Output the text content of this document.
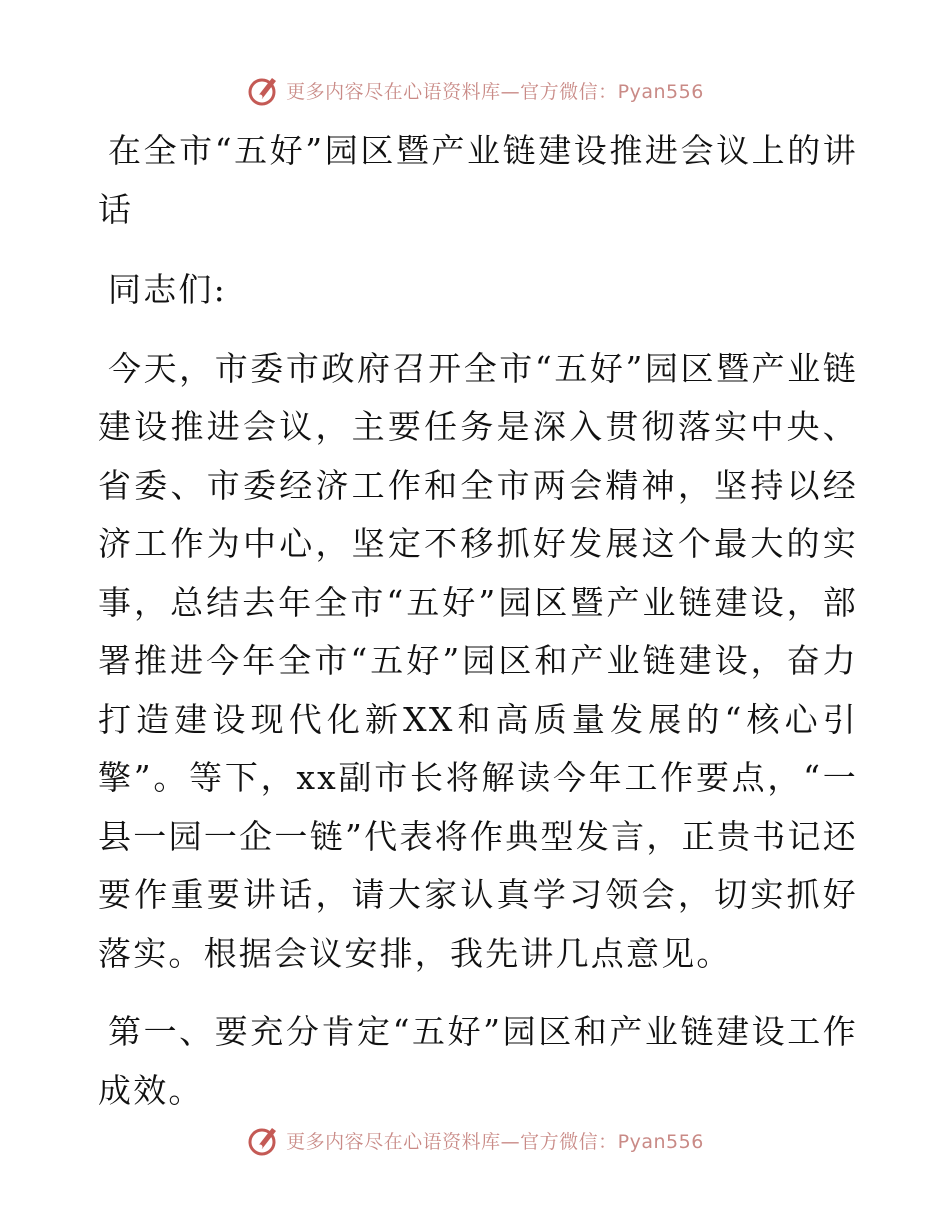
更多内容尽在心语资料库—官方微信：Pyan556

在全市“五好”园区暨产业链建设推进会议上的讲话

同志们:

今天，市委市政府召开全市“五好”园区暨产业链建设推进会议，主要任务是深入贯彻落实中央、省委、市委经济工作和全市两会精神，坚持以经济工作为中心，坚定不移抓好发展这个最大的实事，总结去年全市“五好”园区暨产业链建设，部署推进今年全市“五好”园区和产业链建设，奋力打造建设现代化新XX和高质量发展的“核心引擎”。等下，xx副市长将解读今年工作要点，“一县一园一企一链”代表将作典型发言，正贵书记还要作重要讲话，请大家认真学习领会，切实抓好落实。根据会议安排，我先讲几点意见。

第一、要充分肯定“五好”园区和产业链建设工作成效。

更多内容尽在心语资料库—官方微信：Pyan556
